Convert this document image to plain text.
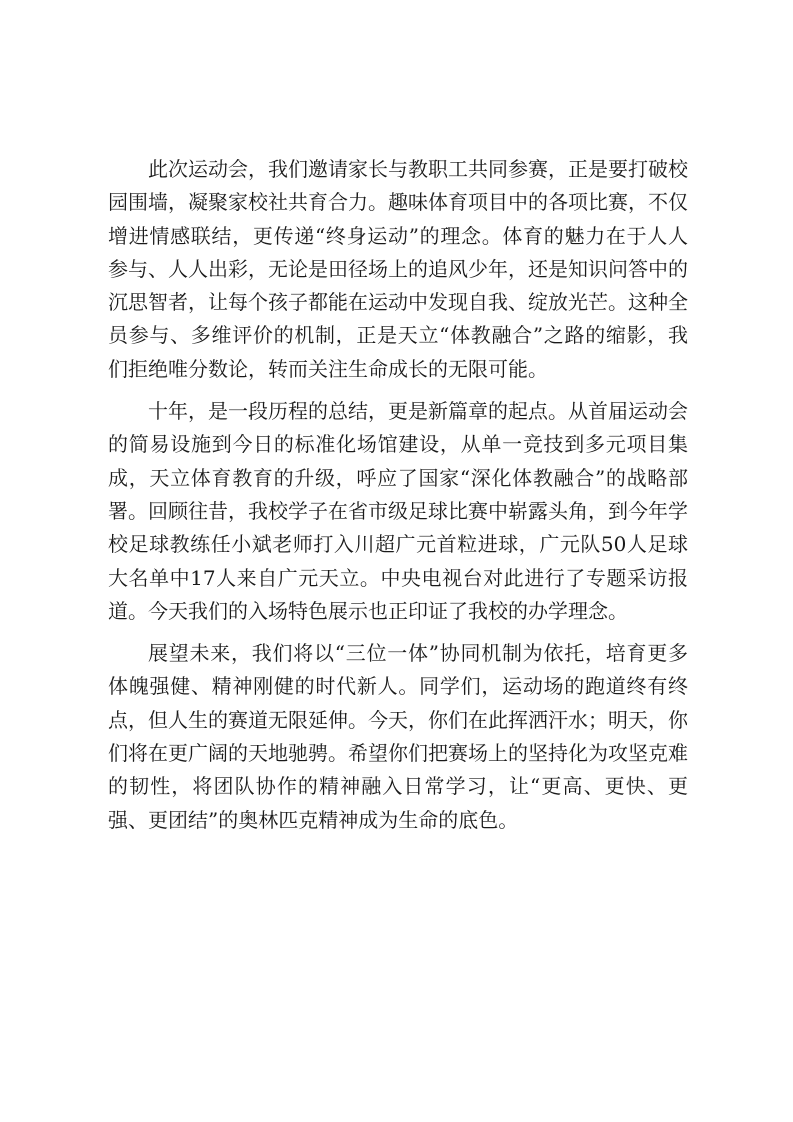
此次运动会，我们邀请家长与教职工共同参赛，正是要打破校园围墙，凝聚家校社共育合力。趣味体育项目中的各项比赛，不仅增进情感联结，更传递“终身运动”的理念。体育的魅力在于人人参与、人人出彩，无论是田径场上的追风少年，还是知识问答中的沉思智者，让每个孩子都能在运动中发现自我、绽放光芒。这种全员参与、多维评价的机制，正是天立“体教融合”之路的缩影，我们拒绝唯分数论，转而关注生命成长的无限可能。

十年，是一段历程的总结，更是新篇章的起点。从首届运动会的简易设施到今日的标准化场馆建设，从单一竞技到多元项目集成，天立体育教育的升级，呼应了国家“深化体教融合”的战略部署。回顾往昔，我校学子在省市级足球比赛中崭露头角，到今年学校足球教练任小斌老师打入川超广元首粒进球，广元队50人足球大名单中17人来自广元天立。中央电视台对此进行了专题采访报道。今天我们的入场特色展示也正印证了我校的办学理念。

展望未来，我们将以“三位一体”协同机制为依托，培育更多体魄强健、精神刚健的时代新人。同学们，运动场的跑道终有终点，但人生的赛道无限延伸。今天，你们在此挥洒汗水；明天，你们将在更广阔的天地驰骋。希望你们把赛场上的坚持化为攻坚克难的韧性，将团队协作的精神融入日常学习，让“更高、更快、更强、更团结”的奥林匹克精神成为生命的底色。
